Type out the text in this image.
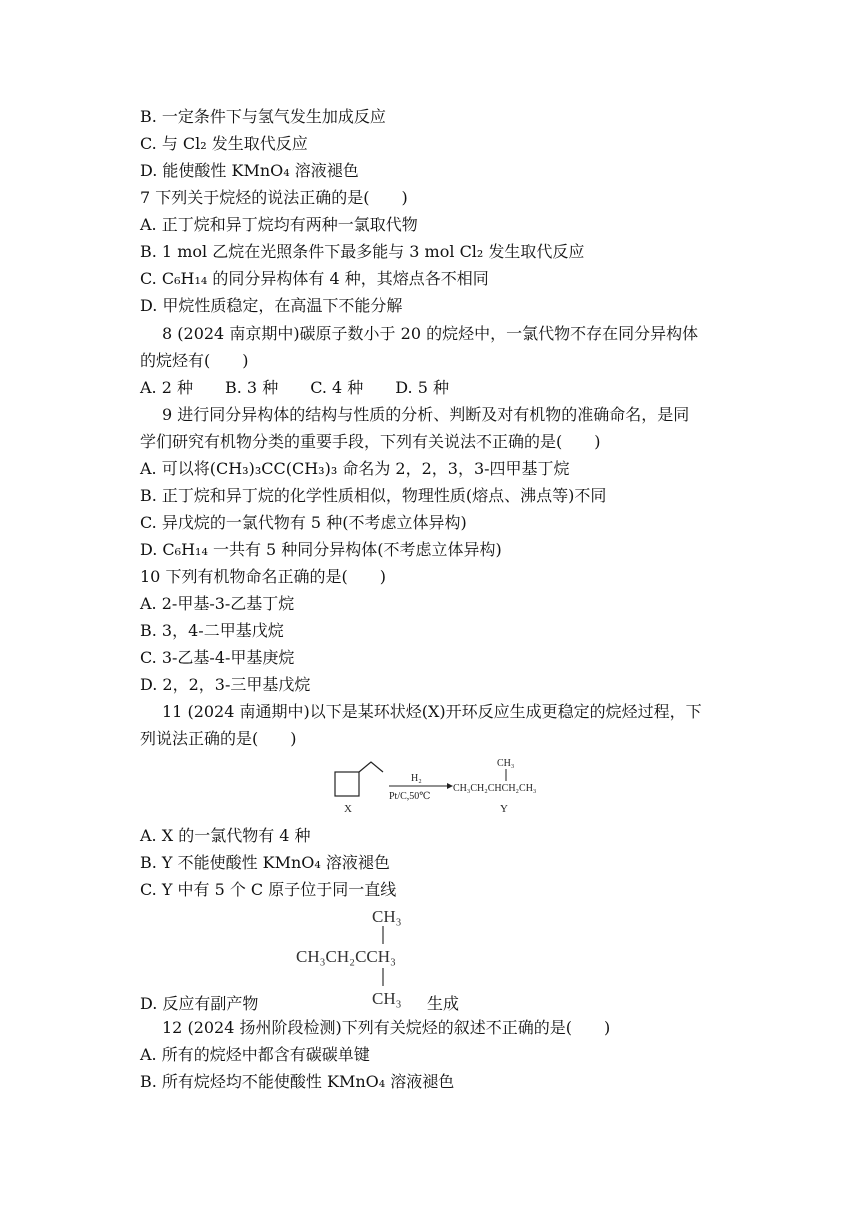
B. 一定条件下与氢气发生加成反应
C. 与 Cl₂ 发生取代反应
D. 能使酸性 KMnO₄ 溶液褪色
7 下列关于烷烃的说法正确的是(　　)
A. 正丁烷和异丁烷均有两种一氯取代物
B. 1 mol 乙烷在光照条件下最多能与 3 mol Cl₂ 发生取代反应
C. C₆H₁₄ 的同分异构体有 4 种，其熔点各不相同
D. 甲烷性质稳定，在高温下不能分解
8 (2024 南京期中)碳原子数小于 20 的烷烃中，一氯代物不存在同分异构体
的烷烃有(　　)
A. 2 种　　B. 3 种　　C. 4 种　　D. 5 种
9 进行同分异构体的结构与性质的分析、判断及对有机物的准确命名，是同
学们研究有机物分类的重要手段，下列有关说法不正确的是(　　)
A. 可以将(CH₃)₃CC(CH₃)₃ 命名为 2，2，3，3-四甲基丁烷
B. 正丁烷和异丁烷的化学性质相似，物理性质(熔点、沸点等)不同
C. 异戊烷的一氯代物有 5 种(不考虑立体异构)
D. C₆H₁₄ 一共有 5 种同分异构体(不考虑立体异构)
10 下列有机物命名正确的是(　　)
A. 2-甲基-3-乙基丁烷
B. 3，4-二甲基戊烷
C. 3-乙基-4-甲基庚烷
D. 2，2，3-三甲基戊烷
11 (2024 南通期中)以下是某环状烃(X)开环反应生成更稳定的烷烃过程，下
列说法正确的是(　　)
X
H₂
Pt/C,50℃
CH₃
CH₃CH₂CHCH₂CH₃
Y
A. X 的一氯代物有 4 种
B. Y 不能使酸性 KMnO₄ 溶液褪色
C. Y 中有 5 个 C 原子位于同一直线
CH₃
CH₃CH₂CCH₃
CH₃
D. 反应有副产物	生成
12 (2024 扬州阶段检测)下列有关烷烃的叙述不正确的是(　　)
A. 所有的烷烃中都含有碳碳单键
B. 所有烷烃均不能使酸性 KMnO₄ 溶液褪色
